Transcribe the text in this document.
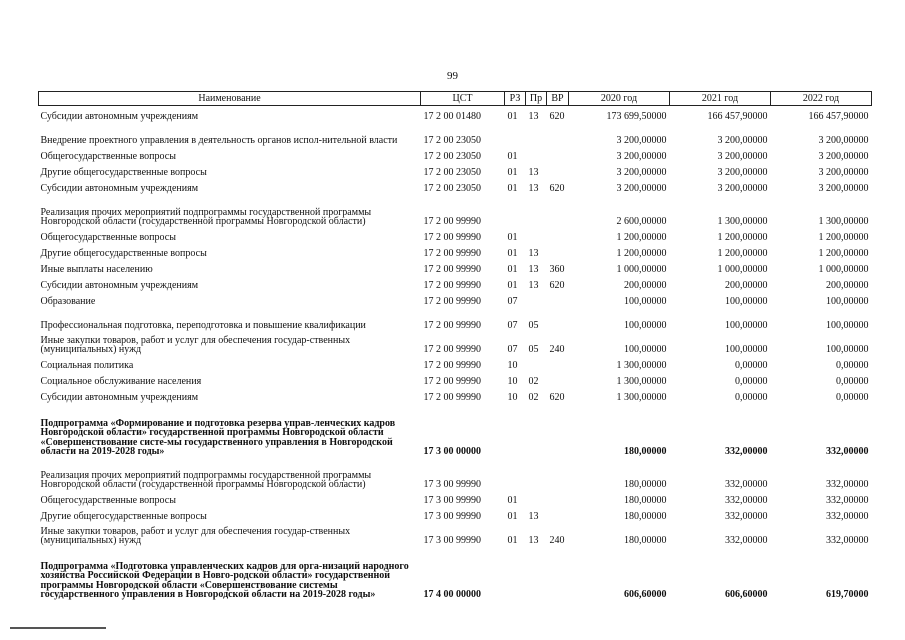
99
Наименование	ЦСТ	РЗ	Пр	ВР	2020 год	2021 год	2022 год
Субсидии автономным учреждениям	17 2 00 01480	01	13	620	173 699,50000	166 457,90000	166 457,90000
Внедрение проектного управления в деятельность органов испол-нительной власти	17 2 00 23050				3 200,00000	3 200,00000	3 200,00000
Общегосударственные вопросы	17 2 00 23050	01			3 200,00000	3 200,00000	3 200,00000
Другие общегосударственные вопросы	17 2 00 23050	01	13		3 200,00000	3 200,00000	3 200,00000
Субсидии автономным учреждениям	17 2 00 23050	01	13	620	3 200,00000	3 200,00000	3 200,00000
Реализация прочих мероприятий подпрограммы государственной программы Новгородской области (государственной программы Новгородской области)	17 2 00 99990				2 600,00000	1 300,00000	1 300,00000
Общегосударственные вопросы	17 2 00 99990	01			1 200,00000	1 200,00000	1 200,00000
Другие общегосударственные вопросы	17 2 00 99990	01	13		1 200,00000	1 200,00000	1 200,00000
Иные выплаты населению	17 2 00 99990	01	13	360	1 000,00000	1 000,00000	1 000,00000
Субсидии автономным учреждениям	17 2 00 99990	01	13	620	200,00000	200,00000	200,00000
Образование	17 2 00 99990	07			100,00000	100,00000	100,00000
Профессиональная подготовка, переподготовка и повышение квалификации	17 2 00 99990	07	05		100,00000	100,00000	100,00000
Иные закупки товаров, работ и услуг для обеспечения государ-ственных (муниципальных) нужд	17 2 00 99990	07	05	240	100,00000	100,00000	100,00000
Социальная политика	17 2 00 99990	10			1 300,00000	0,00000	0,00000
Социальное обслуживание населения	17 2 00 99990	10	02		1 300,00000	0,00000	0,00000
Субсидии автономным учреждениям	17 2 00 99990	10	02	620	1 300,00000	0,00000	0,00000
Подпрограмма «Формирование и подготовка резерва управ-ленческих кадров Новгородской области» государственной программы Новгородской области «Совершенствование систе-мы государственного управления в Новгородской области на 2019-2028 годы»	17 3 00 00000				180,00000	332,00000	332,00000
Реализация прочих мероприятий подпрограммы государственной программы Новгородской области (государственной программы Новгородской области)	17 3 00 99990				180,00000	332,00000	332,00000
Общегосударственные вопросы	17 3 00 99990	01			180,00000	332,00000	332,00000
Другие общегосударственные вопросы	17 3 00 99990	01	13		180,00000	332,00000	332,00000
Иные закупки товаров, работ и услуг для обеспечения государ-ственных (муниципальных) нужд	17 3 00 99990	01	13	240	180,00000	332,00000	332,00000
Подпрограмма «Подготовка управленческих кадров для орга-низаций народного хозяйства Российской Федерации в Новго-родской области» государственной программы Новгородской области «Совершенствование системы государственного управления в Новгородской области на 2019-2028 годы»	17 4 00 00000				606,60000	606,60000	619,70000
